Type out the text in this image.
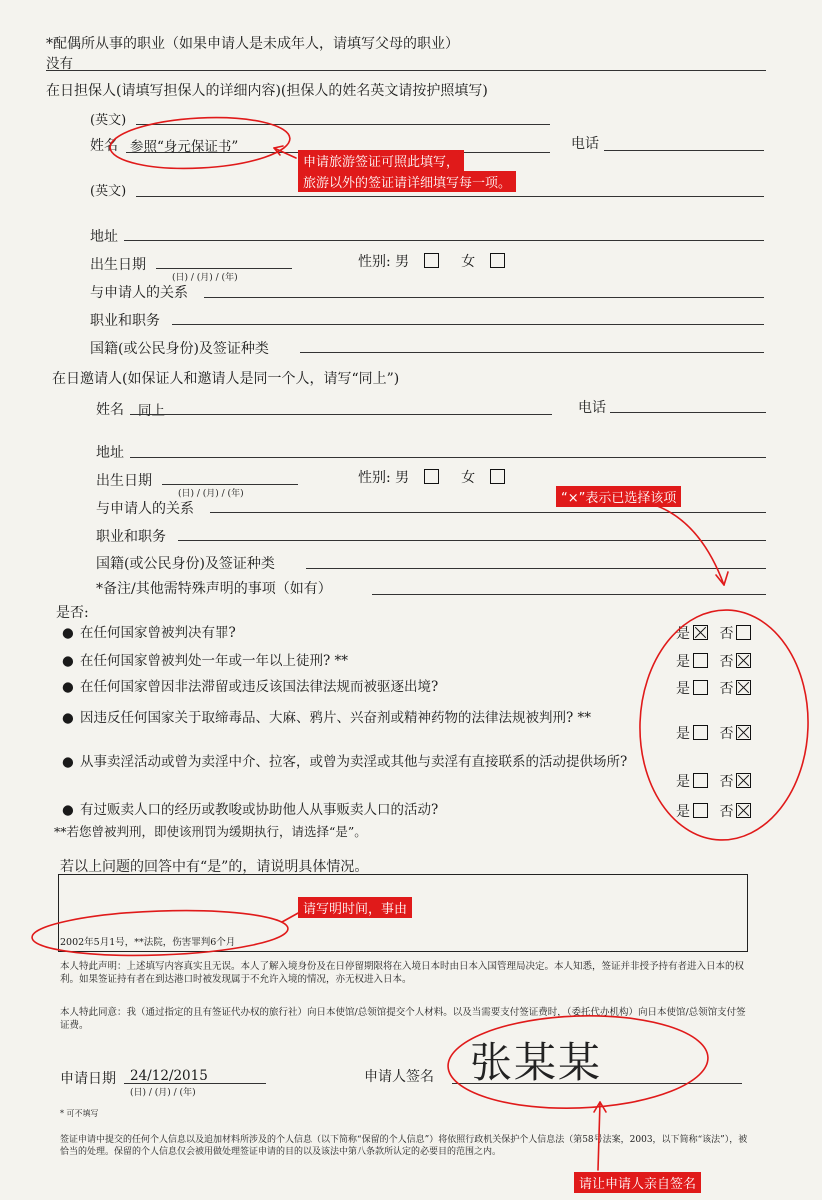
*配偶所从事的职业（如果申请人是未成年人，请填写父母的职业）
没有
在日担保人(请填写担保人的详细内容)(担保人的姓名英文请按护照填写)
(英文)
姓名 参照“身元保证书”	电话
(英文)
地址
出生日期
(日) / (月) / (年)
性别: 男	女
与申请人的关系
职业和职务
国籍(或公民身份)及签证种类
在日邀请人(如保证人和邀请人是同一个人，请写“同上”)
姓名 同上	电话
地址
出生日期
(日) / (月) / (年)
性别: 男	女
与申请人的关系
职业和职务
国籍(或公民身份)及签证种类
*备注/其他需特殊声明的事项（如有）
是否:
● 在任何国家曾被判决有罪?	是 否
● 在任何国家曾被判处一年或一年以上徒刑? **	是 否
● 在任何国家曾因非法滞留或违反该国法律法规而被驱逐出境?	是 否
● 因违反任何国家关于取缔毒品、大麻、鸦片、兴奋剂或精神药物的法律法规被判刑? **
是 否
● 从事卖淫活动或曾为卖淫中介、拉客，或曾为卖淫或其他与卖淫有直接联系的活动提供场所?
是 否
● 有过贩卖人口的经历或教唆或协助他人从事贩卖人口的活动?	是 否
**若您曾被判刑，即使该刑罚为缓期执行，请选择“是”。
若以上问题的回答中有“是”的，请说明具体情况。
2002年5月1号，**法院，伤害罪判6个月
本人特此声明：上述填写内容真实且无误。本人了解入境身份及在日停留期限将在入境日本时由日本入国管理局决定。本人知悉，签证并非授予持有者进入日本的权利。如果签证持有者在到达港口时被发现属于不允许入境的情况，亦无权进入日本。
本人特此同意：我（通过指定的且有签证代办权的旅行社）向日本使馆/总领馆提交个人材料。以及当需要支付签证费时，（委托代办机构）向日本使馆/总领馆支付签证费。
申请日期 24/12/2015
(日) / (月) / (年)
申请人签名 张某某
* 可不填写
签证申请中提交的任何个人信息以及追加材料所涉及的个人信息（以下简称“保留的个人信息”）将依照行政机关保护个人信息法（第58号法案，2003，以下简称“该法”），被恰当的处理。保留的个人信息仅会被用做处理签证申请的目的以及该法中第八条款所认定的必要目的范围之内。
申请旅游签证可照此填写，
旅游以外的签证请详细填写每一项。
“×”表示已选择该项
请写明时间，事由
请让申请人亲自签名
